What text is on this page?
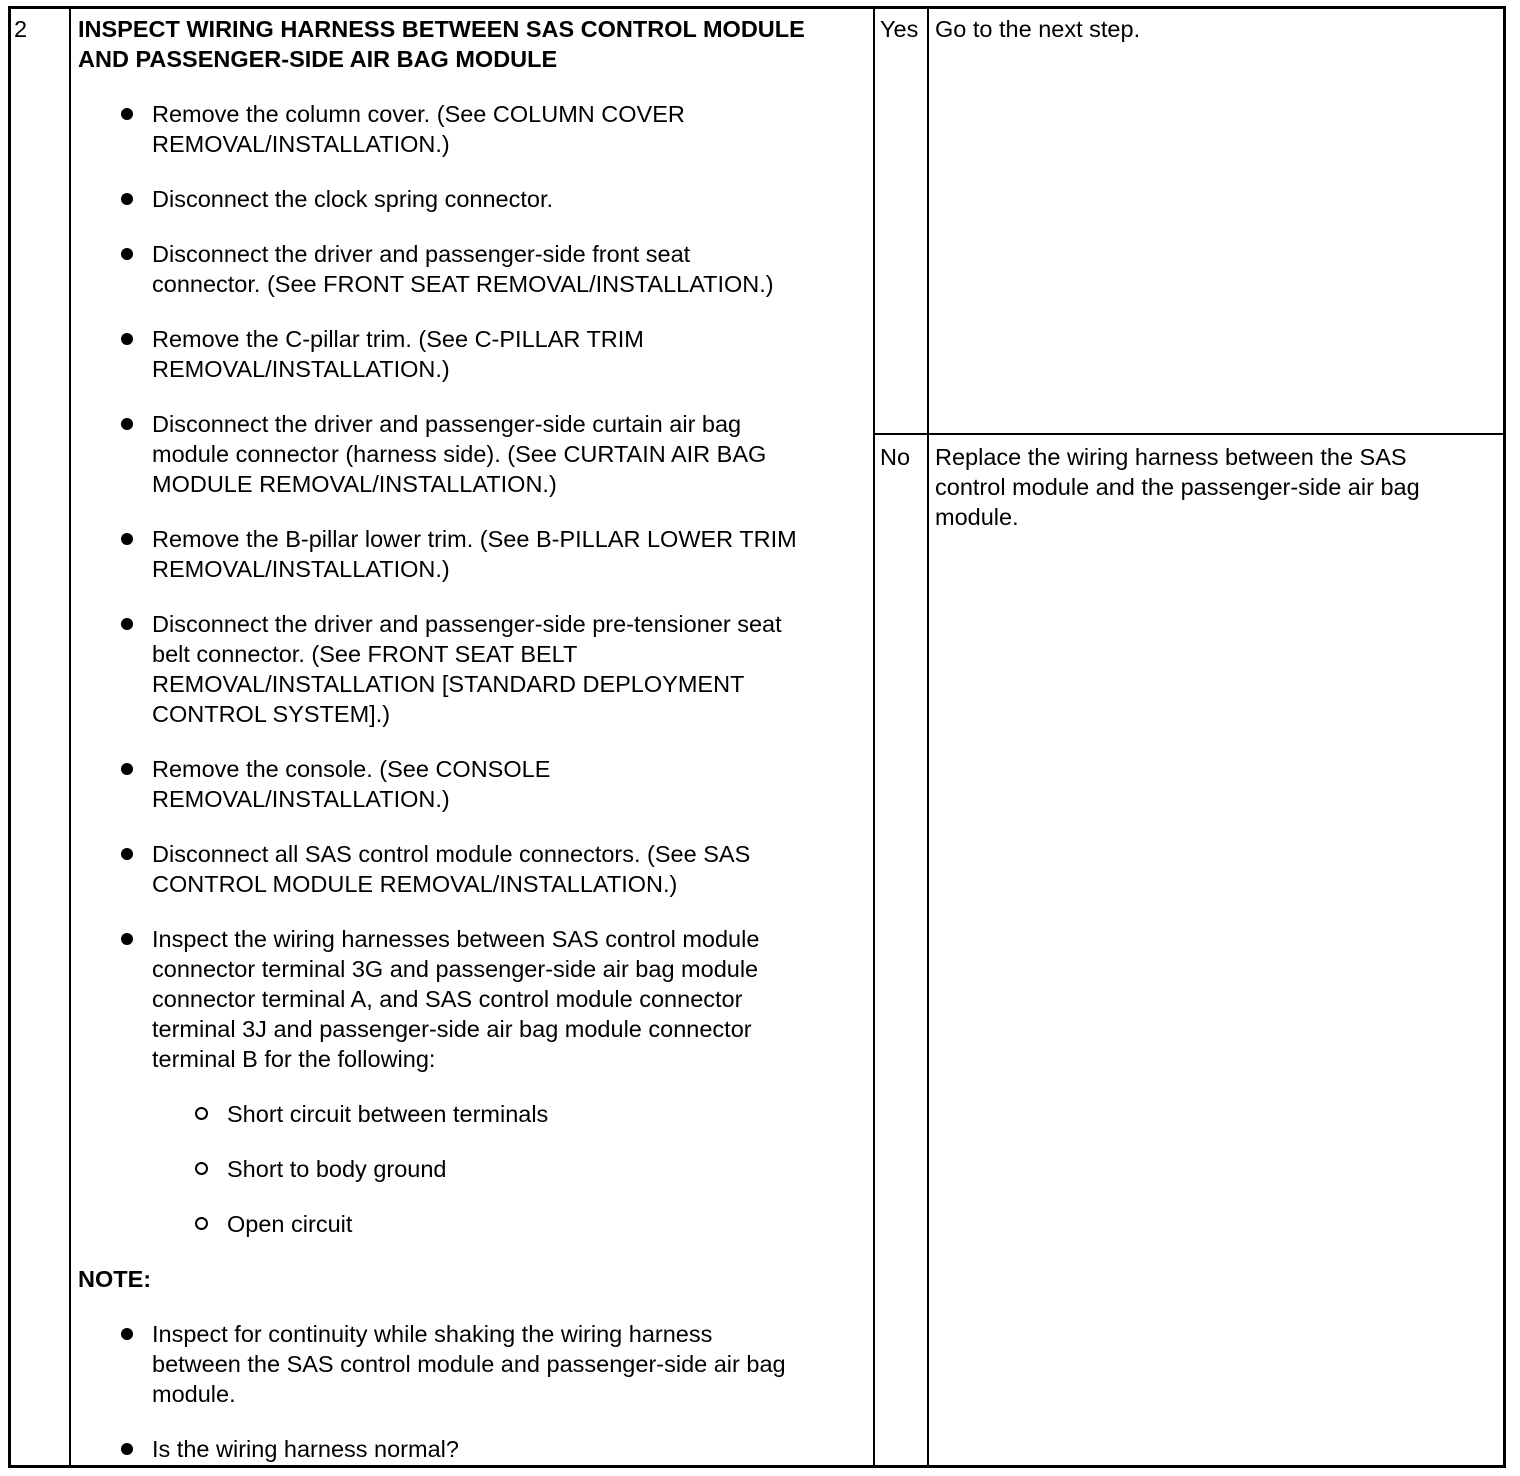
2 INSPECT WIRING HARNESS BETWEEN SAS CONTROL MODULE
AND PASSENGER-SIDE AIR BAG MODULE
Remove the column cover. (See COLUMN COVER
REMOVAL/INSTALLATION.)
Disconnect the clock spring connector.
Disconnect the driver and passenger-side front seat
connector. (See FRONT SEAT REMOVAL/INSTALLATION.)
Remove the C-pillar trim. (See C-PILLAR TRIM
REMOVAL/INSTALLATION.)
Disconnect the driver and passenger-side curtain air bag
module connector (harness side). (See CURTAIN AIR BAG
MODULE REMOVAL/INSTALLATION.)
Remove the B-pillar lower trim. (See B-PILLAR LOWER TRIM
REMOVAL/INSTALLATION.)
Disconnect the driver and passenger-side pre-tensioner seat
belt connector. (See FRONT SEAT BELT
REMOVAL/INSTALLATION [STANDARD DEPLOYMENT
CONTROL SYSTEM].)
Remove the console. (See CONSOLE
REMOVAL/INSTALLATION.)
Disconnect all SAS control module connectors. (See SAS
CONTROL MODULE REMOVAL/INSTALLATION.)
Inspect the wiring harnesses between SAS control module
connector terminal 3G and passenger-side air bag module
connector terminal A, and SAS control module connector
terminal 3J and passenger-side air bag module connector
terminal B for the following:
Short circuit between terminals
Short to body ground
Open circuit
NOTE:
Inspect for continuity while shaking the wiring harness
between the SAS control module and passenger-side air bag
module.
Is the wiring harness normal?
Yes Go to the next step.
No Replace the wiring harness between the SAS
control module and the passenger-side air bag
module.
